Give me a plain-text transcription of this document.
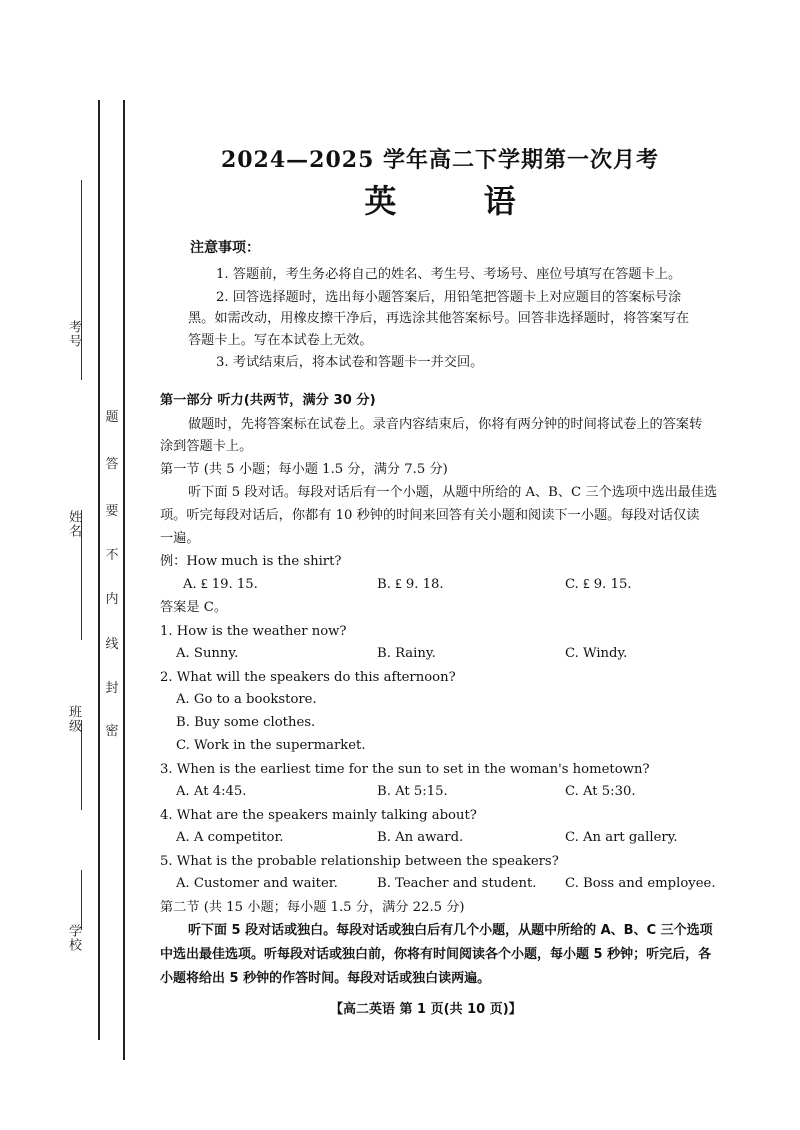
考号
姓名
班级
学校
题
答
要
不
内
线
封
密
2024—2025 学年高二下学期第一次月考
英 语
注意事项：
1. 答题前，考生务必将自己的姓名、考生号、考场号、座位号填写在答题卡上。
2. 回答选择题时，选出每小题答案后，用铅笔把答题卡上对应题目的答案标号涂
黑。如需改动，用橡皮擦干净后，再选涂其他答案标号。回答非选择题时，将答案写在
答题卡上。写在本试卷上无效。
3. 考试结束后，将本试卷和答题卡一并交回。
第一部分 听力(共两节，满分 30 分)
做题时，先将答案标在试卷上。录音内容结束后，你将有两分钟的时间将试卷上的答案转
涂到答题卡上。
第一节 (共 5 小题；每小题 1.5 分，满分 7.5 分)
听下面 5 段对话。每段对话后有一个小题，从题中所给的 A、B、C 三个选项中选出最佳选
项。听完每段对话后，你都有 10 秒钟的时间来回答有关小题和阅读下一小题。每段对话仅读
一遍。
例：How much is the shirt?
A. ₤ 19. 15.	B. ₤ 9. 18.	C. ₤ 9. 15.
答案是 C。
1. How is the weather now?
A. Sunny.	B. Rainy.	C. Windy.
2. What will the speakers do this afternoon?
A. Go to a bookstore.
B. Buy some clothes.
C. Work in the supermarket.
3. When is the earliest time for the sun to set in the woman's hometown?
A. At 4:45.	B. At 5:15.	C. At 5:30.
4. What are the speakers mainly talking about?
A. A competitor.	B. An award.	C. An art gallery.
5. What is the probable relationship between the speakers?
A. Customer and waiter.	B. Teacher and student. C. Boss and employee.
第二节 (共 15 小题；每小题 1.5 分，满分 22.5 分)
听下面 5 段对话或独白。每段对话或独白后有几个小题，从题中所给的 A、B、C 三个选项
中选出最佳选项。听每段对话或独白前，你将有时间阅读各个小题，每小题 5 秒钟；听完后，各
小题将给出 5 秒钟的作答时间。每段对话或独白读两遍。
【高二英语 第 1 页(共 10 页)】
